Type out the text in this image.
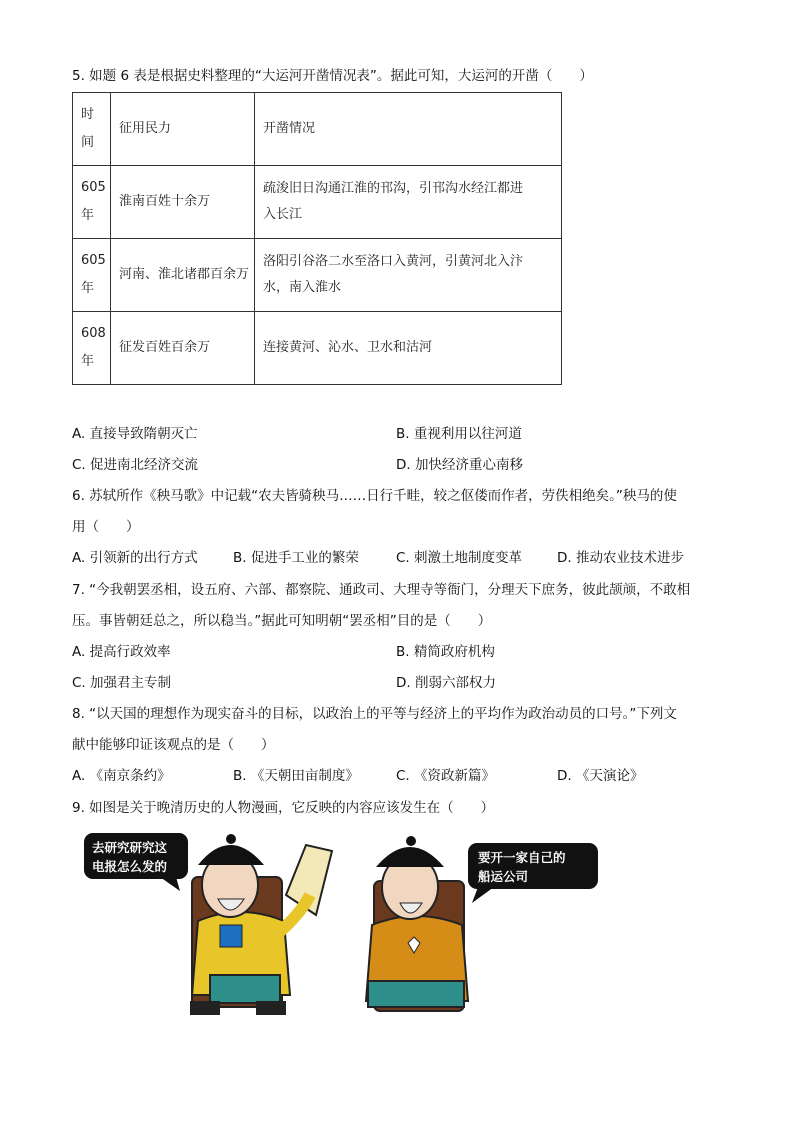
5. 如题 6 表是根据史料整理的“大运河开凿情况表”。据此可知，大运河的开凿（　　）
时间	征用民力	开凿情况

605年	淮南百姓十余万	疏浚旧日沟通江淮的邗沟，引邗沟水经江都进
入长江

605年	河南、淮北诸郡百余万	洛阳引谷洛二水至洛口入黄河，引黄河北入汴
水，南入淮水

608年	征发百姓百余万	连接黄河、沁水、卫水和沽河
A. 直接导致隋朝灭亡	B. 重视利用以往河道
C. 促进南北经济交流	D. 加快经济重心南移
6. 苏轼所作《秧马歌》中记载“农夫皆骑秧马……日行千畦，较之伛偻而作者，劳佚相绝矣。”秧马的使
用（　　）
A. 引领新的出行方式	B. 促进手工业的繁荣	C. 刺激土地制度变革	D. 推动农业技术进步
7. “今我朝罢丞相，设五府、六部、都察院、通政司、大理寺等衙门，分理天下庶务，彼此颉颃，不敢相
压。事皆朝廷总之，所以稳当。”据此可知明朝“罢丞相”目的是（　　）
A. 提高行政效率	B. 精简政府机构
C. 加强君主专制	D. 削弱六部权力
8. “以天国的理想作为现实奋斗的目标，以政治上的平等与经济上的平均作为政治动员的口号。”下列文
献中能够印证该观点的是（　　）
A. 《南京条约》	B. 《天朝田亩制度》	C. 《资政新篇》	D. 《天演论》
9. 如图是关于晚清历史的人物漫画，它反映的内容应该发生在（　　）
去研究研究这
电报怎么发的
要开一家自己的
船运公司
